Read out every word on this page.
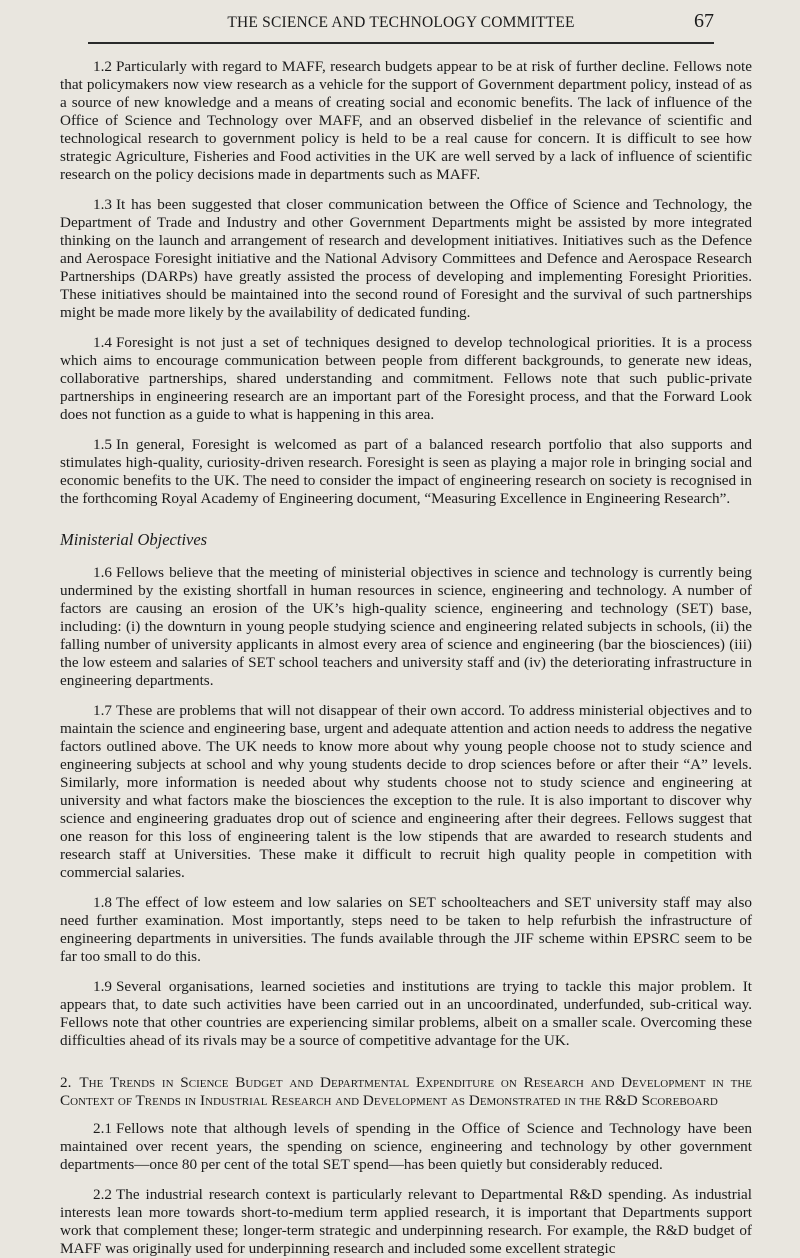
THE SCIENCE AND TECHNOLOGY COMMITTEE	67

1.2 Particularly with regard to MAFF, research budgets appear to be at risk of further decline. Fellows note that policymakers now view research as a vehicle for the support of Government department policy, instead of as a source of new knowledge and a means of creating social and economic benefits. The lack of influence of the Office of Science and Technology over MAFF, and an observed disbelief in the relevance of scientific and technological research to government policy is held to be a real cause for concern. It is difficult to see how strategic Agriculture, Fisheries and Food activities in the UK are well served by a lack of influence of scientific research on the policy decisions made in departments such as MAFF.

1.3 It has been suggested that closer communication between the Office of Science and Technology, the Department of Trade and Industry and other Government Departments might be assisted by more integrated thinking on the launch and arrangement of research and development initiatives. Initiatives such as the Defence and Aerospace Foresight initiative and the National Advisory Committees and Defence and Aerospace Research Partnerships (DARPs) have greatly assisted the process of developing and implementing Foresight Priorities. These initiatives should be maintained into the second round of Foresight and the survival of such partnerships might be made more likely by the availability of dedicated funding.

1.4 Foresight is not just a set of techniques designed to develop technological priorities. It is a process which aims to encourage communication between people from different backgrounds, to generate new ideas, collaborative partnerships, shared understanding and commitment. Fellows note that such public-private partnerships in engineering research are an important part of the Foresight process, and that the Forward Look does not function as a guide to what is happening in this area.

1.5 In general, Foresight is welcomed as part of a balanced research portfolio that also supports and stimulates high-quality, curiosity-driven research. Foresight is seen as playing a major role in bringing social and economic benefits to the UK. The need to consider the impact of engineering research on society is recognised in the forthcoming Royal Academy of Engineering document, “Measuring Excellence in Engineering Research”.

Ministerial Objectives

1.6 Fellows believe that the meeting of ministerial objectives in science and technology is currently being undermined by the existing shortfall in human resources in science, engineering and technology. A number of factors are causing an erosion of the UK’s high-quality science, engineering and technology (SET) base, including: (i) the downturn in young people studying science and engineering related subjects in schools, (ii) the falling number of university applicants in almost every area of science and engineering (bar the biosciences) (iii) the low esteem and salaries of SET school teachers and university staff and (iv) the deteriorating infrastructure in engineering departments.

1.7 These are problems that will not disappear of their own accord. To address ministerial objectives and to maintain the science and engineering base, urgent and adequate attention and action needs to address the negative factors outlined above. The UK needs to know more about why young people choose not to study science and engineering subjects at school and why young students decide to drop sciences before or after their “A” levels. Similarly, more information is needed about why students choose not to study science and engineering at university and what factors make the biosciences the exception to the rule. It is also important to discover why science and engineering graduates drop out of science and engineering after their degrees. Fellows suggest that one reason for this loss of engineering talent is the low stipends that are awarded to research students and research staff at Universities. These make it difficult to recruit high quality people in competition with commercial salaries.

1.8 The effect of low esteem and low salaries on SET schoolteachers and SET university staff may also need further examination. Most importantly, steps need to be taken to help refurbish the infrastructure of engineering departments in universities. The funds available through the JIF scheme within EPSRC seem to be far too small to do this.

1.9 Several organisations, learned societies and institutions are trying to tackle this major problem. It appears that, to date such activities have been carried out in an uncoordinated, underfunded, sub-critical way. Fellows note that other countries are experiencing similar problems, albeit on a smaller scale. Overcoming these difficulties ahead of its rivals may be a source of competitive advantage for the UK.

2. The Trends in Science Budget and Departmental Expenditure on Research and Development in the Context of Trends in Industrial Research and Development as Demonstrated in the R&D Scoreboard

2.1 Fellows note that although levels of spending in the Office of Science and Technology have been maintained over recent years, the spending on science, engineering and technology by other government departments—once 80 per cent of the total SET spend—has been quietly but considerably reduced.

2.2 The industrial research context is particularly relevant to Departmental R&D spending. As industrial interests lean more towards short-to-medium term applied research, it is important that Departments support work that complement these; longer-term strategic and underpinning research. For example, the R&D budget of MAFF was originally used for underpinning research and included some excellent strategic
